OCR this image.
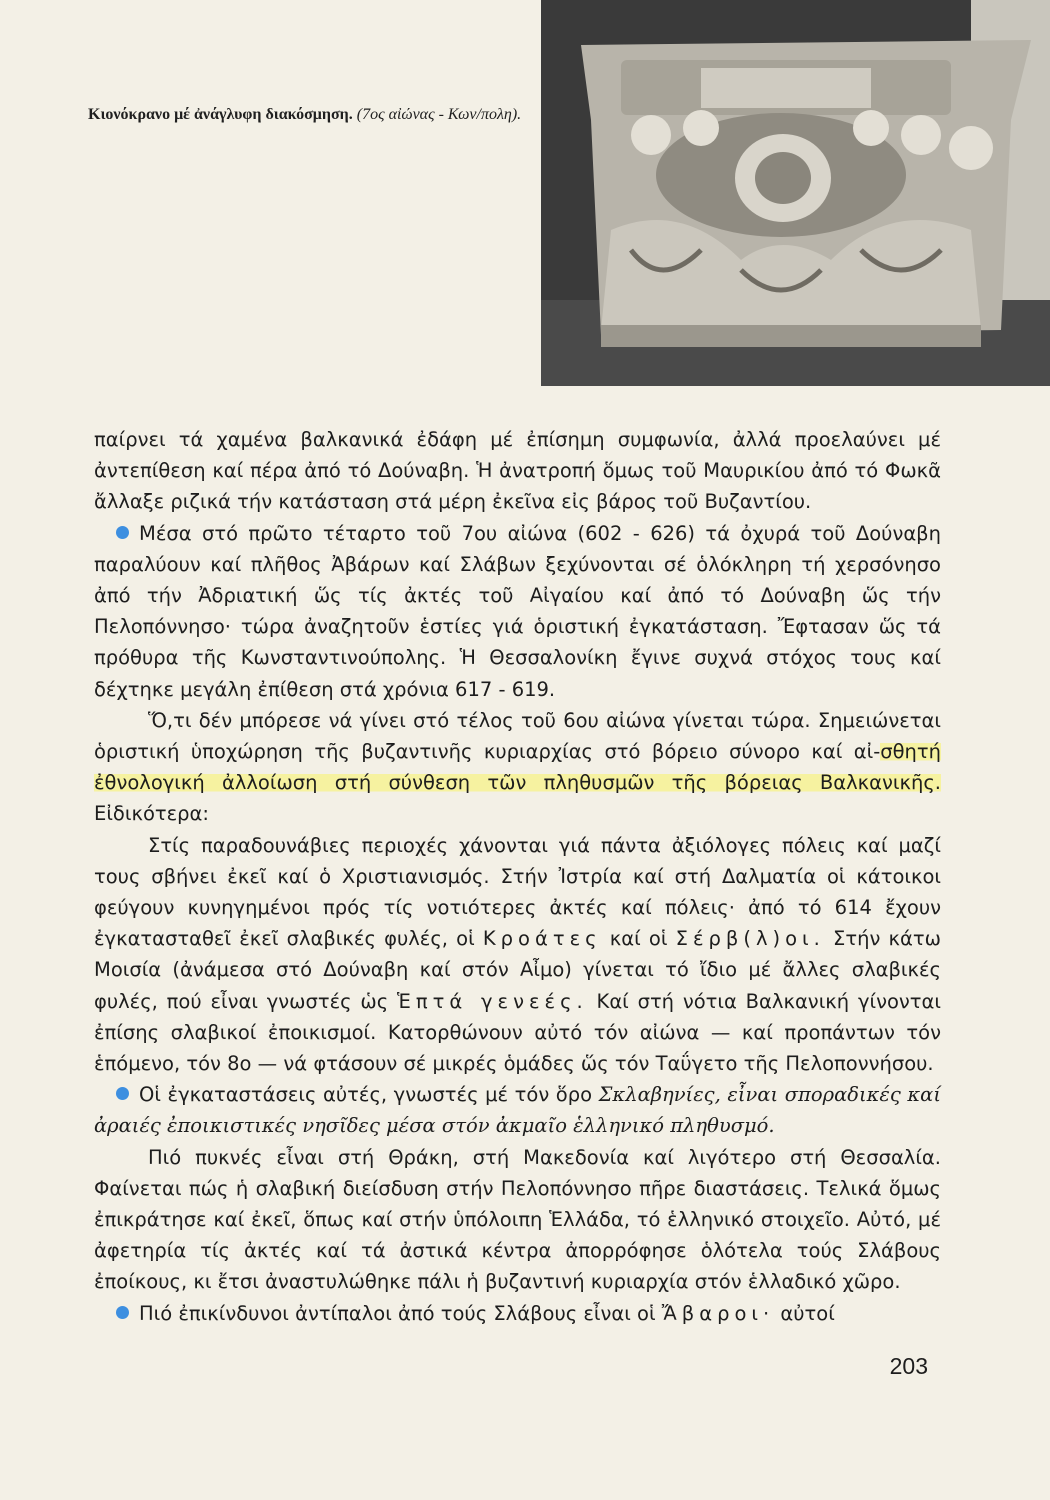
Κιονόκρανο μέ ἀνάγλυφη διακόσμηση. (7ος αἰώνας - Κων/πολη).

παίρνει τά χαμένα βαλκανικά ἐδάφη μέ ἐπίσημη συμφωνία, ἀλλά προελαύνει μέ ἀντεπίθεση καί πέρα ἀπό τό Δούναβη. Ἡ ἀνατροπή ὅμως τοῦ Μαυρικίου ἀπό τό Φωκᾶ ἄλλαξε ριζικά τήν κατάσταση στά μέρη ἐκεῖνα εἰς βάρος τοῦ Βυζαντίου.

Μέσα στό πρῶτο τέταρτο τοῦ 7ου αἰώνα (602 - 626) τά ὀχυρά τοῦ Δούναβη παραλύουν καί πλῆθος Ἀβάρων καί Σλάβων ξεχύνονται σέ ὁλόκληρη τή χερσόνησο ἀπό τήν Ἀδριατική ὥς τίς ἀκτές τοῦ Αἰγαίου καί ἀπό τό Δούναβη ὥς τήν Πελοπόννησο· τώρα ἀναζητοῦν ἑστίες γιά ὁριστική ἐγκατάσταση. Ἔφτασαν ὥς τά πρόθυρα τῆς Κωνσταντινούπολης. Ἡ Θεσσαλονίκη ἔγινε συχνά στόχος τους καί δέχτηκε μεγάλη ἐπίθεση στά χρόνια 617 - 619.

Ὅ,τι δέν μπόρεσε νά γίνει στό τέλος τοῦ 6ου αἰώνα γίνεται τώρα. Σημειώνεται ὁριστική ὑποχώρηση τῆς βυζαντινῆς κυριαρχίας στό βόρειο σύνορο καί αἰ-σθητή ἐθνολογική ἀλλοίωση στή σύνθεση τῶν πληθυσμῶν τῆς βόρειας Βαλκανικῆς. Εἰδικότερα:

Στίς παραδουνάβιες περιοχές χάνονται γιά πάντα ἀξιόλογες πόλεις καί μαζί τους σβήνει ἐκεῖ καί ὁ Χριστιανισμός. Στήν Ἰστρία καί στή Δαλματία οἱ κάτοικοι φεύγουν κυνηγημένοι πρός τίς νοτιότερες ἀκτές καί πόλεις· ἀπό τό 614 ἔχουν ἐγκατασταθεῖ ἐκεῖ σλαβικές φυλές, οἱ Κροάτες καί οἱ Σέρβ(λ)οι. Στήν κάτω Μοισία (ἀνάμεσα στό Δούναβη καί στόν Αἶμο) γίνεται τό ἴδιο μέ ἄλλες σλαβικές φυλές, πού εἶναι γνωστές ὡς Ἑπτά γενεές. Καί στή νότια Βαλκανική γίνονται ἐπίσης σλαβικοί ἐποικισμοί. Κατορθώνουν αὐτό τόν αἰώνα — καί προπάντων τόν ἑπόμενο, τόν 8ο — νά φτάσουν σέ μικρές ὁμάδες ὥς τόν Ταΰγετο τῆς Πελοποννήσου.

Οἱ ἐγκαταστάσεις αὐτές, γνωστές μέ τόν ὅρο Σκλαβηνίες, εἶναι σποραδικές καί ἀραιές ἐποικιστικές νησῖδες μέσα στόν ἀκμαῖο ἑλληνικό πληθυσμό.

Πιό πυκνές εἶναι στή Θράκη, στή Μακεδονία καί λιγότερο στή Θεσσαλία. Φαίνεται πώς ἡ σλαβική διείσδυση στήν Πελοπόννησο πῆρε διαστάσεις. Τελικά ὅμως ἐπικράτησε καί ἐκεῖ, ὅπως καί στήν ὑπόλοιπη Ἑλλάδα, τό ἑλληνικό στοιχεῖο. Αὐτό, μέ ἀφετηρία τίς ἀκτές καί τά ἀστικά κέντρα ἀπορρόφησε ὁλότελα τούς Σλάβους ἐποίκους, κι ἔτσι ἀναστυλώθηκε πάλι ἡ βυζαντινή κυριαρχία στόν ἑλλαδικό χῶρο.

Πιό ἐπικίνδυνοι ἀντίπαλοι ἀπό τούς Σλάβους εἶναι οἱ Ἄβαροι· αὐτοί

203
